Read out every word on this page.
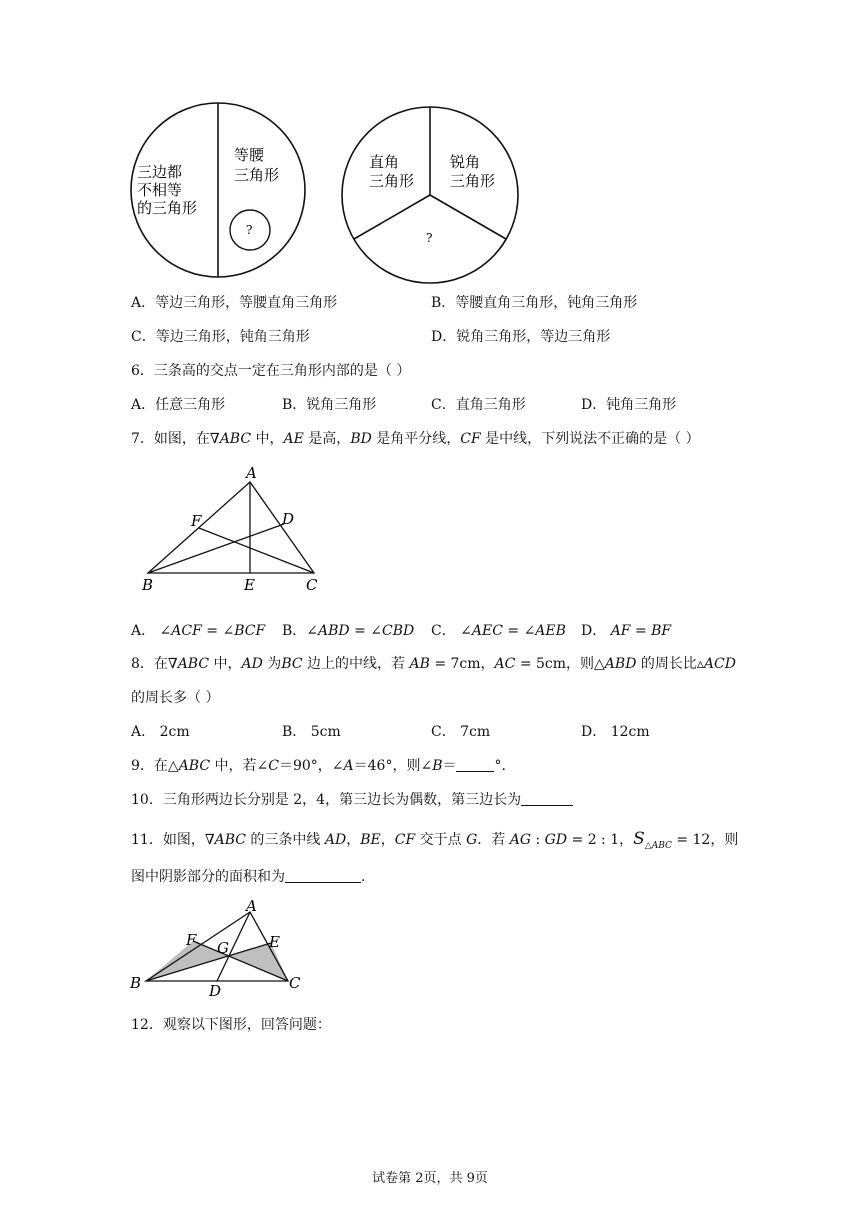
三边都
不相等
的三角形
等腰
三角形
?
直角
三角形
锐角
三角形
?
A．等边三角形，等腰直角三角形	B．等腰直角三角形，钝角三角形
C．等边三角形，钝角三角形	D．锐角三角形，等边三角形
6．三条高的交点一定在三角形内部的是（ ）
A．任意三角形	B．锐角三角形	C．直角三角形	D．钝角三角形
7．如图，在∇ABC 中，AE 是高，BD 是角平分线，CF 是中线，下列说法不正确的是（ ）
A
B	C
D
E
F
A． ∠ACF = ∠BCF B．∠ABD = ∠CBD C． ∠AEC = ∠AEB D． AF = BF
8．在∇ABC 中，AD 为BC 边上的中线，若 AB = 7cm，AC = 5cm，则△ABD 的周长比▵ACD
的周长多（ ）
A． 2cm	B． 5cm	C． 7cm	D． 12cm
9．在△ABC 中，若∠C＝90°，∠A＝46°，则∠B＝	°.
10．三角形两边长分别是 2，4，第三边长为偶数，第三边长为
11．如图，∇ABC 的三条中线 AD，BE，CF 交于点 G．若 AG : GD = 2 : 1，$S_{\triangle ABC} = 12$，则
图中阴影部分的面积和为	.
A
B	C
D
E
F G
12．观察以下图形，回答问题：
试卷第 2页，共 9页
